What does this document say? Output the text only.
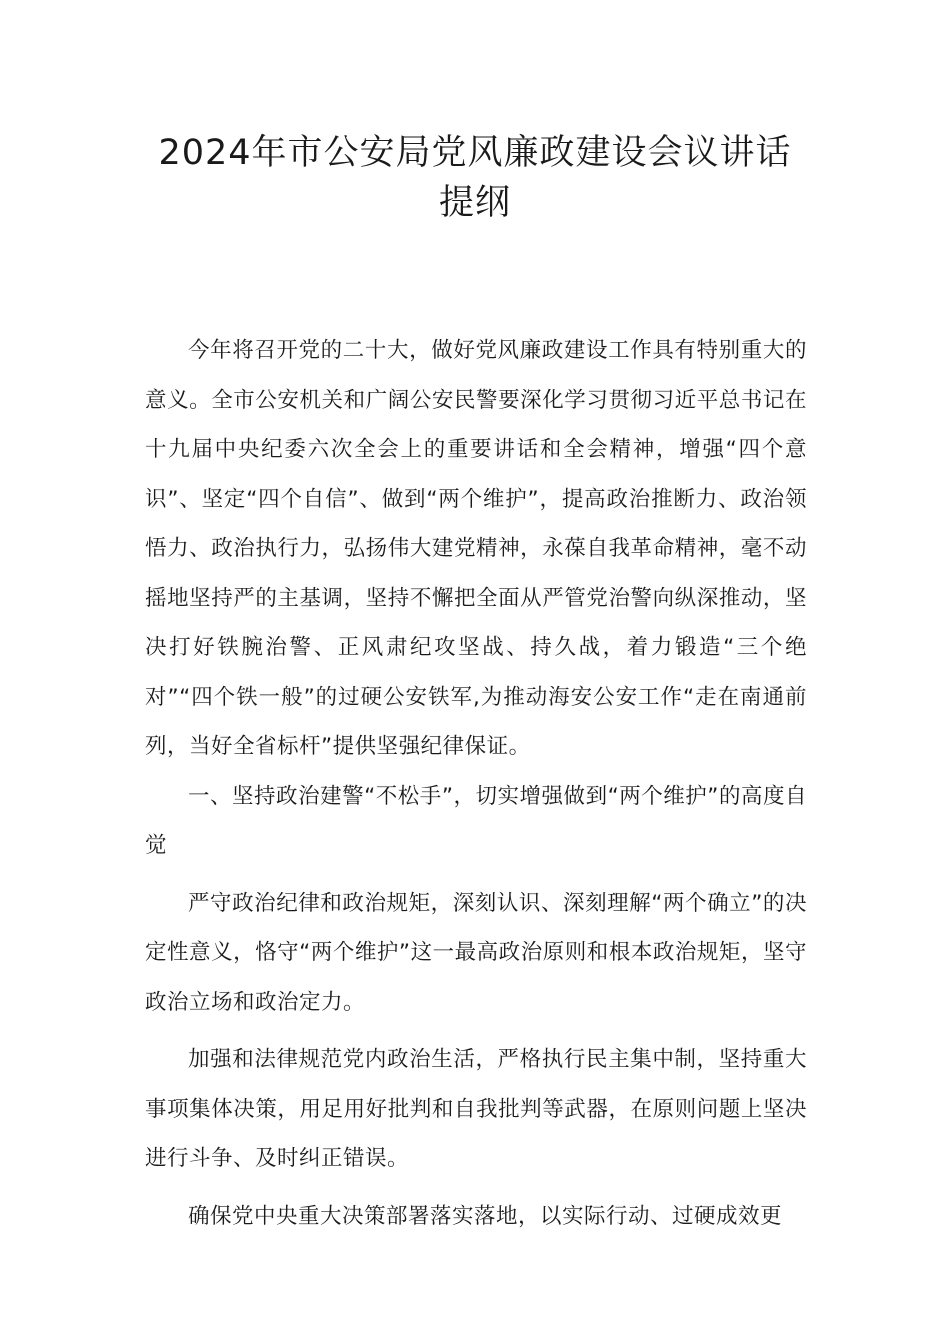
2024年市公安局党风廉政建设会议讲话
提纲

今年将召开党的二十大，做好党风廉政建设工作具有特别重大的意义。全市公安机关和广阔公安民警要深化学习贯彻习近平总书记在十九届中央纪委六次全会上的重要讲话和全会精神，增强“四个意识”、坚定“四个自信”、做到“两个维护”，提高政治推断力、政治领悟力、政治执行力，弘扬伟大建党精神，永葆自我革命精神，毫不动摇地坚持严的主基调，坚持不懈把全面从严管党治警向纵深推动，坚决打好铁腕治警、正风肃纪攻坚战、持久战，着力锻造“三个绝对”“四个铁一般”的过硬公安铁军,为推动海安公安工作“走在南通前列，当好全省标杆”提供坚强纪律保证。

一、坚持政治建警“不松手”，切实增强做到“两个维护”的高度自觉

严守政治纪律和政治规矩，深刻认识、深刻理解“两个确立”的决定性意义，恪守“两个维护”这一最高政治原则和根本政治规矩，坚守政治立场和政治定力。

加强和法律规范党内政治生活，严格执行民主集中制，坚持重大事项集体决策，用足用好批判和自我批判等武器，在原则问题上坚决进行斗争、及时纠正错误。

确保党中央重大决策部署落实落地，以实际行动、过硬成效更
